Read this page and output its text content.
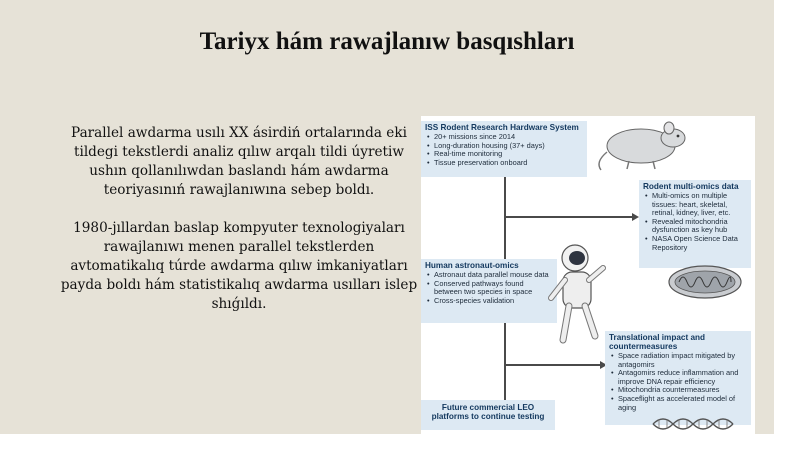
Tariyx hám rawajlanıw basqıshları

Parallel awdarma usılı XX ásirdiń ortalarında eki tildegi tekstlerdi analiz qılıw arqalı tildi úyretiw ushın qollanılıwdan baslandı hám awdarma teoriyasınıń rawajlanıwına sebep boldı.

1980-jıllardan baslap kompyuter texnologiyaları rawajlanıwı menen parallel tekstlerden avtomatikalıq túrde awdarma qılıw imkaniyatları payda boldı hám statistikalıq awdarma usılları islep shıǵıldı.

ISS Rodent Research Hardware System
• 20+ missions since 2014
• Long-duration housing (37+ days)
• Real-time monitoring
• Tissue preservation onboard
Rodent multi-omics data
• Multi-omics on multiple tissues: heart, skeletal, retinal, kidney, liver, etc.
• Revealed mitochondria dysfunction as key hub
• NASA Open Science Data Repository
Human astronaut-omics
• Astronaut data parallel mouse data
• Conserved pathways found between two species in space
• Cross-species validation
Translational impact and countermeasures
• Space radiation impact mitigated by antagomirs
• Antagomirs reduce inflammation and improve DNA repair efficiency
• Mitochondria countermeasures
• Spaceflight as accelerated model of aging
Future commercial LEO platforms to continue testing
